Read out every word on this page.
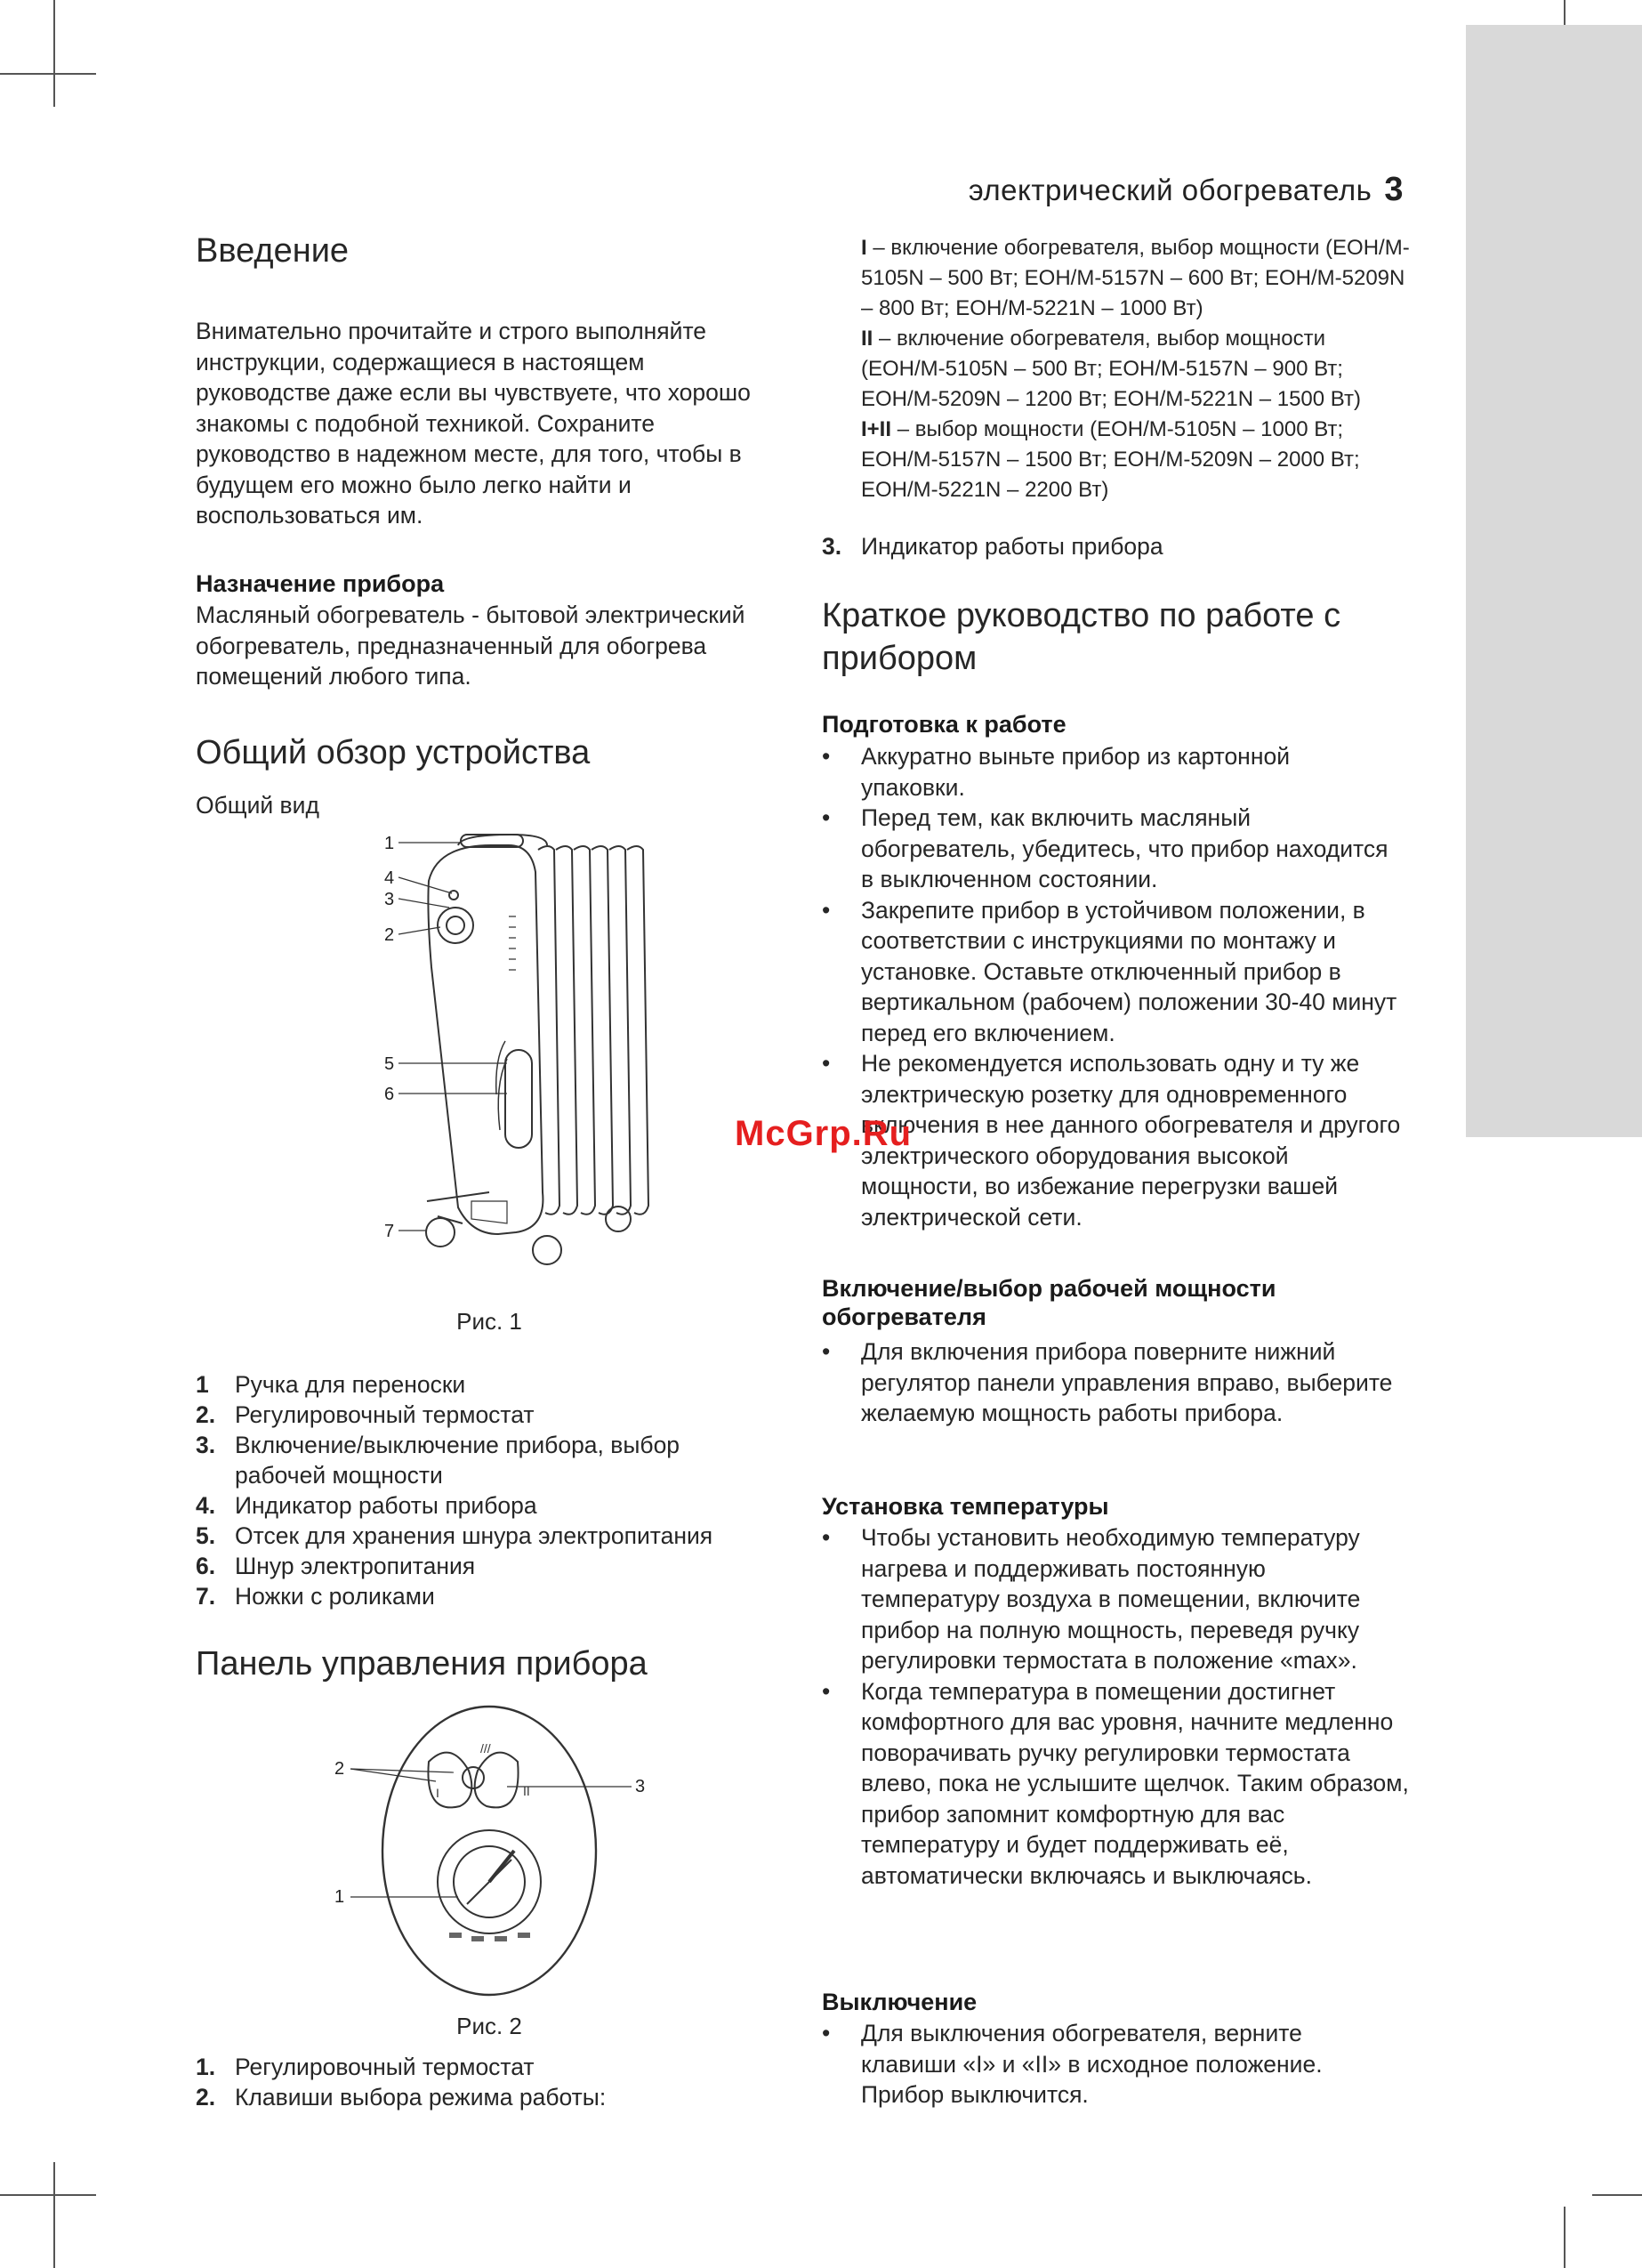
электрический обогреватель 3
Введение
Внимательно прочитайте и строго выполняйте инструкции, содержащиеся в настоящем руководстве даже если вы чувствуете, что хорошо знакомы с подобной техникой. Сохраните руководство в надежном месте, для того, чтобы в будущем его можно было легко найти и воспользоваться им.
Назначение прибора
Масляный обогреватель - бытовой электрический обогреватель, предназначенный для обогрева помещений любого типа.
Общий обзор устройства
Общий вид
1
4
3
2
5
6
7
Рис. 1
1 Ручка для переноски
2. Регулировочный термостат
3. Включение/выключение прибора, выбор рабочей мощности
4. Индикатор работы прибора
5. Отсек для хранения шнура электропитания
6. Шнур электропитания
7. Ножки с роликами
Панель управления прибора
///
I	II
2
3
1
Рис. 2
1. Регулировочный термостат
2. Клавиши выбора режима работы:

I – включение обогревателя, выбор мощности (EOH/M-5105N – 500 Вт; EOH/M-5157N – 600 Вт; EOH/M-5209N – 800 Вт; EOH/M-5221N – 1000 Вт)

II – включение обогревателя, выбор мощности (EOH/M-5105N – 500 Вт; EOH/M-5157N – 900 Вт; EOH/M-5209N – 1200 Вт; EOH/M-5221N – 1500 Вт)

I+II – выбор мощности (EOH/M-5105N – 1000 Вт; EOH/M-5157N – 1500 Вт; EOH/M-5209N – 2000 Вт; EOH/M-5221N – 2200 Вт)

3. Индикатор работы прибора
Краткое руководство по работе с прибором
Подготовка к работе
• Аккуратно выньте прибор из картонной упаковки.
• Перед тем, как включить масляный обогреватель, убедитесь, что прибор находится в выключенном состоянии.
• Закрепите прибор в устойчивом положении, в соответствии с инструкциями по монтажу и установке. Оставьте отключенный прибор в вертикальном (рабочем) положении 30-40 минут перед его включением.
• Не рекомендуется использовать одну и ту же электрическую розетку для одновременного включения в нее данного обогревателя и другого электрического оборудования высокой мощности, во избежание перегрузки вашей электрической сети.
Включение/выбор рабочей мощности обогревателя
• Для включения прибора поверните нижний регулятор панели управления вправо, выберите желаемую мощность работы прибора.
Установка температуры
• Чтобы установить необходимую температуру нагрева и поддерживать постоянную температуру воздуха в помещении, включите прибор на полную мощность, переведя ручку регулировки термостата в положение «max».
• Когда температура в помещении достигнет комфортного для вас уровня, начните медленно поворачивать ручку регулировки термостата влево, пока не услышите щелчок. Таким образом, прибор запомнит комфортную для вас температуру и будет поддерживать её, автоматически включаясь и выключаясь.
Выключение
• Для выключения обогревателя, верните клавиши «I» и «II» в исходное положение. Прибор выключится.
McGrp.Ru
